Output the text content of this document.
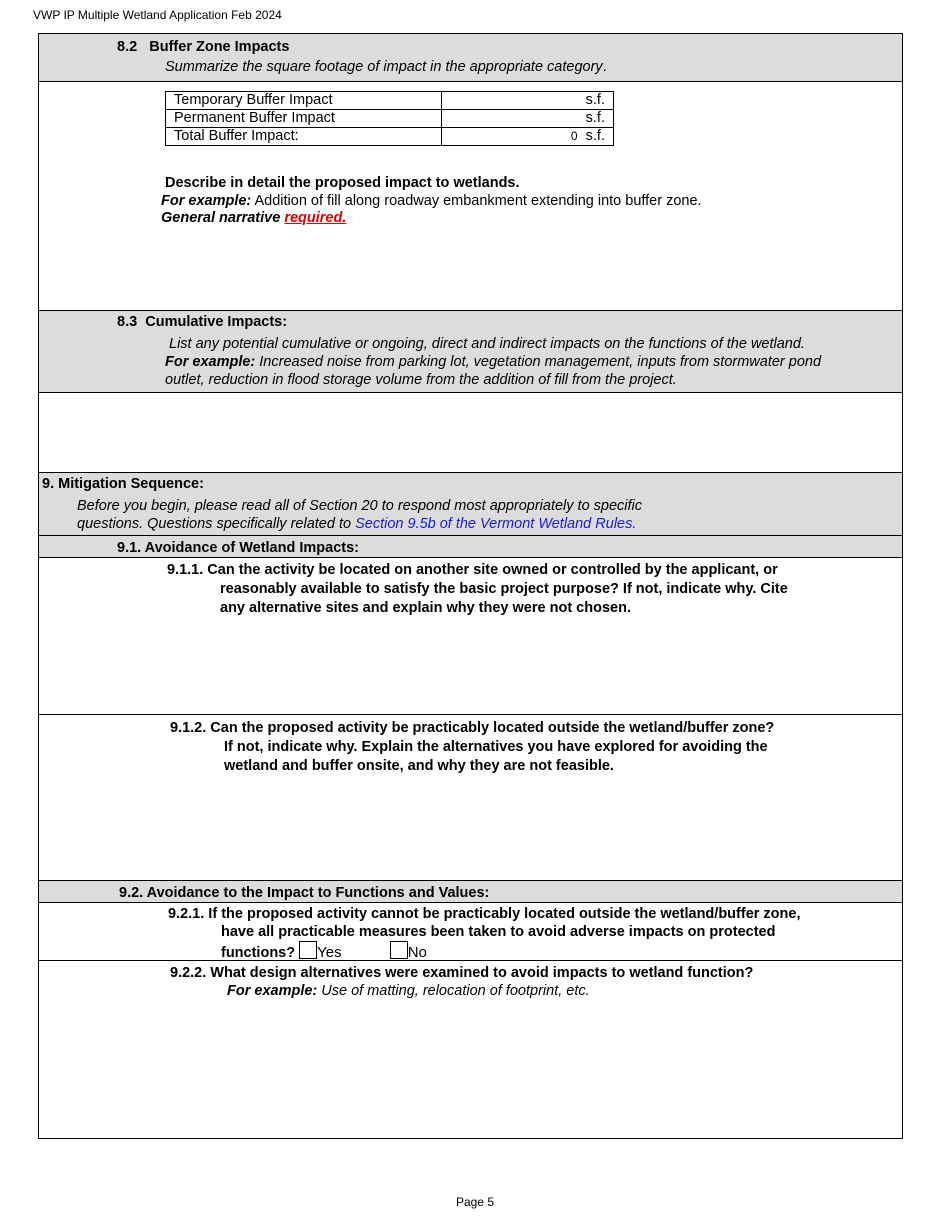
VWP IP Multiple Wetland Application Feb 2024
8.2 Buffer Zone Impacts
Summarize the square footage of impact in the appropriate category.
Temporary Buffer Impact	s.f.
Permanent Buffer Impact	s.f.
Total Buffer Impact:	0 s.f.
Describe in detail the proposed impact to wetlands.
For example: Addition of fill along roadway embankment extending into buffer zone.
General narrative required.
8.3 Cumulative Impacts:
List any potential cumulative or ongoing, direct and indirect impacts on the functions of the wetland.
For example: Increased noise from parking lot, vegetation management, inputs from stormwater pond
outlet, reduction in flood storage volume from the addition of fill from the project.
9. Mitigation Sequence:
Before you begin, please read all of Section 20 to respond most appropriately to specific
questions. Questions specifically related to Section 9.5b of the Vermont Wetland Rules.
9.1. Avoidance of Wetland Impacts:
9.1.1. Can the activity be located on another site owned or controlled by the applicant, or
reasonably available to satisfy the basic project purpose? If not, indicate why. Cite
any alternative sites and explain why they were not chosen.
9.1.2. Can the proposed activity be practicably located outside the wetland/buffer zone?
If not, indicate why. Explain the alternatives you have explored for avoiding the
wetland and buffer onsite, and why they are not feasible.
9.2. Avoidance to the Impact to Functions and Values:
9.2.1. If the proposed activity cannot be practicably located outside the wetland/buffer zone,
have all practicable measures been taken to avoid adverse impacts on protected
functions? Yes	No
9.2.2. What design alternatives were examined to avoid impacts to wetland function?
For example: Use of matting, relocation of footprint, etc.
Page 5
